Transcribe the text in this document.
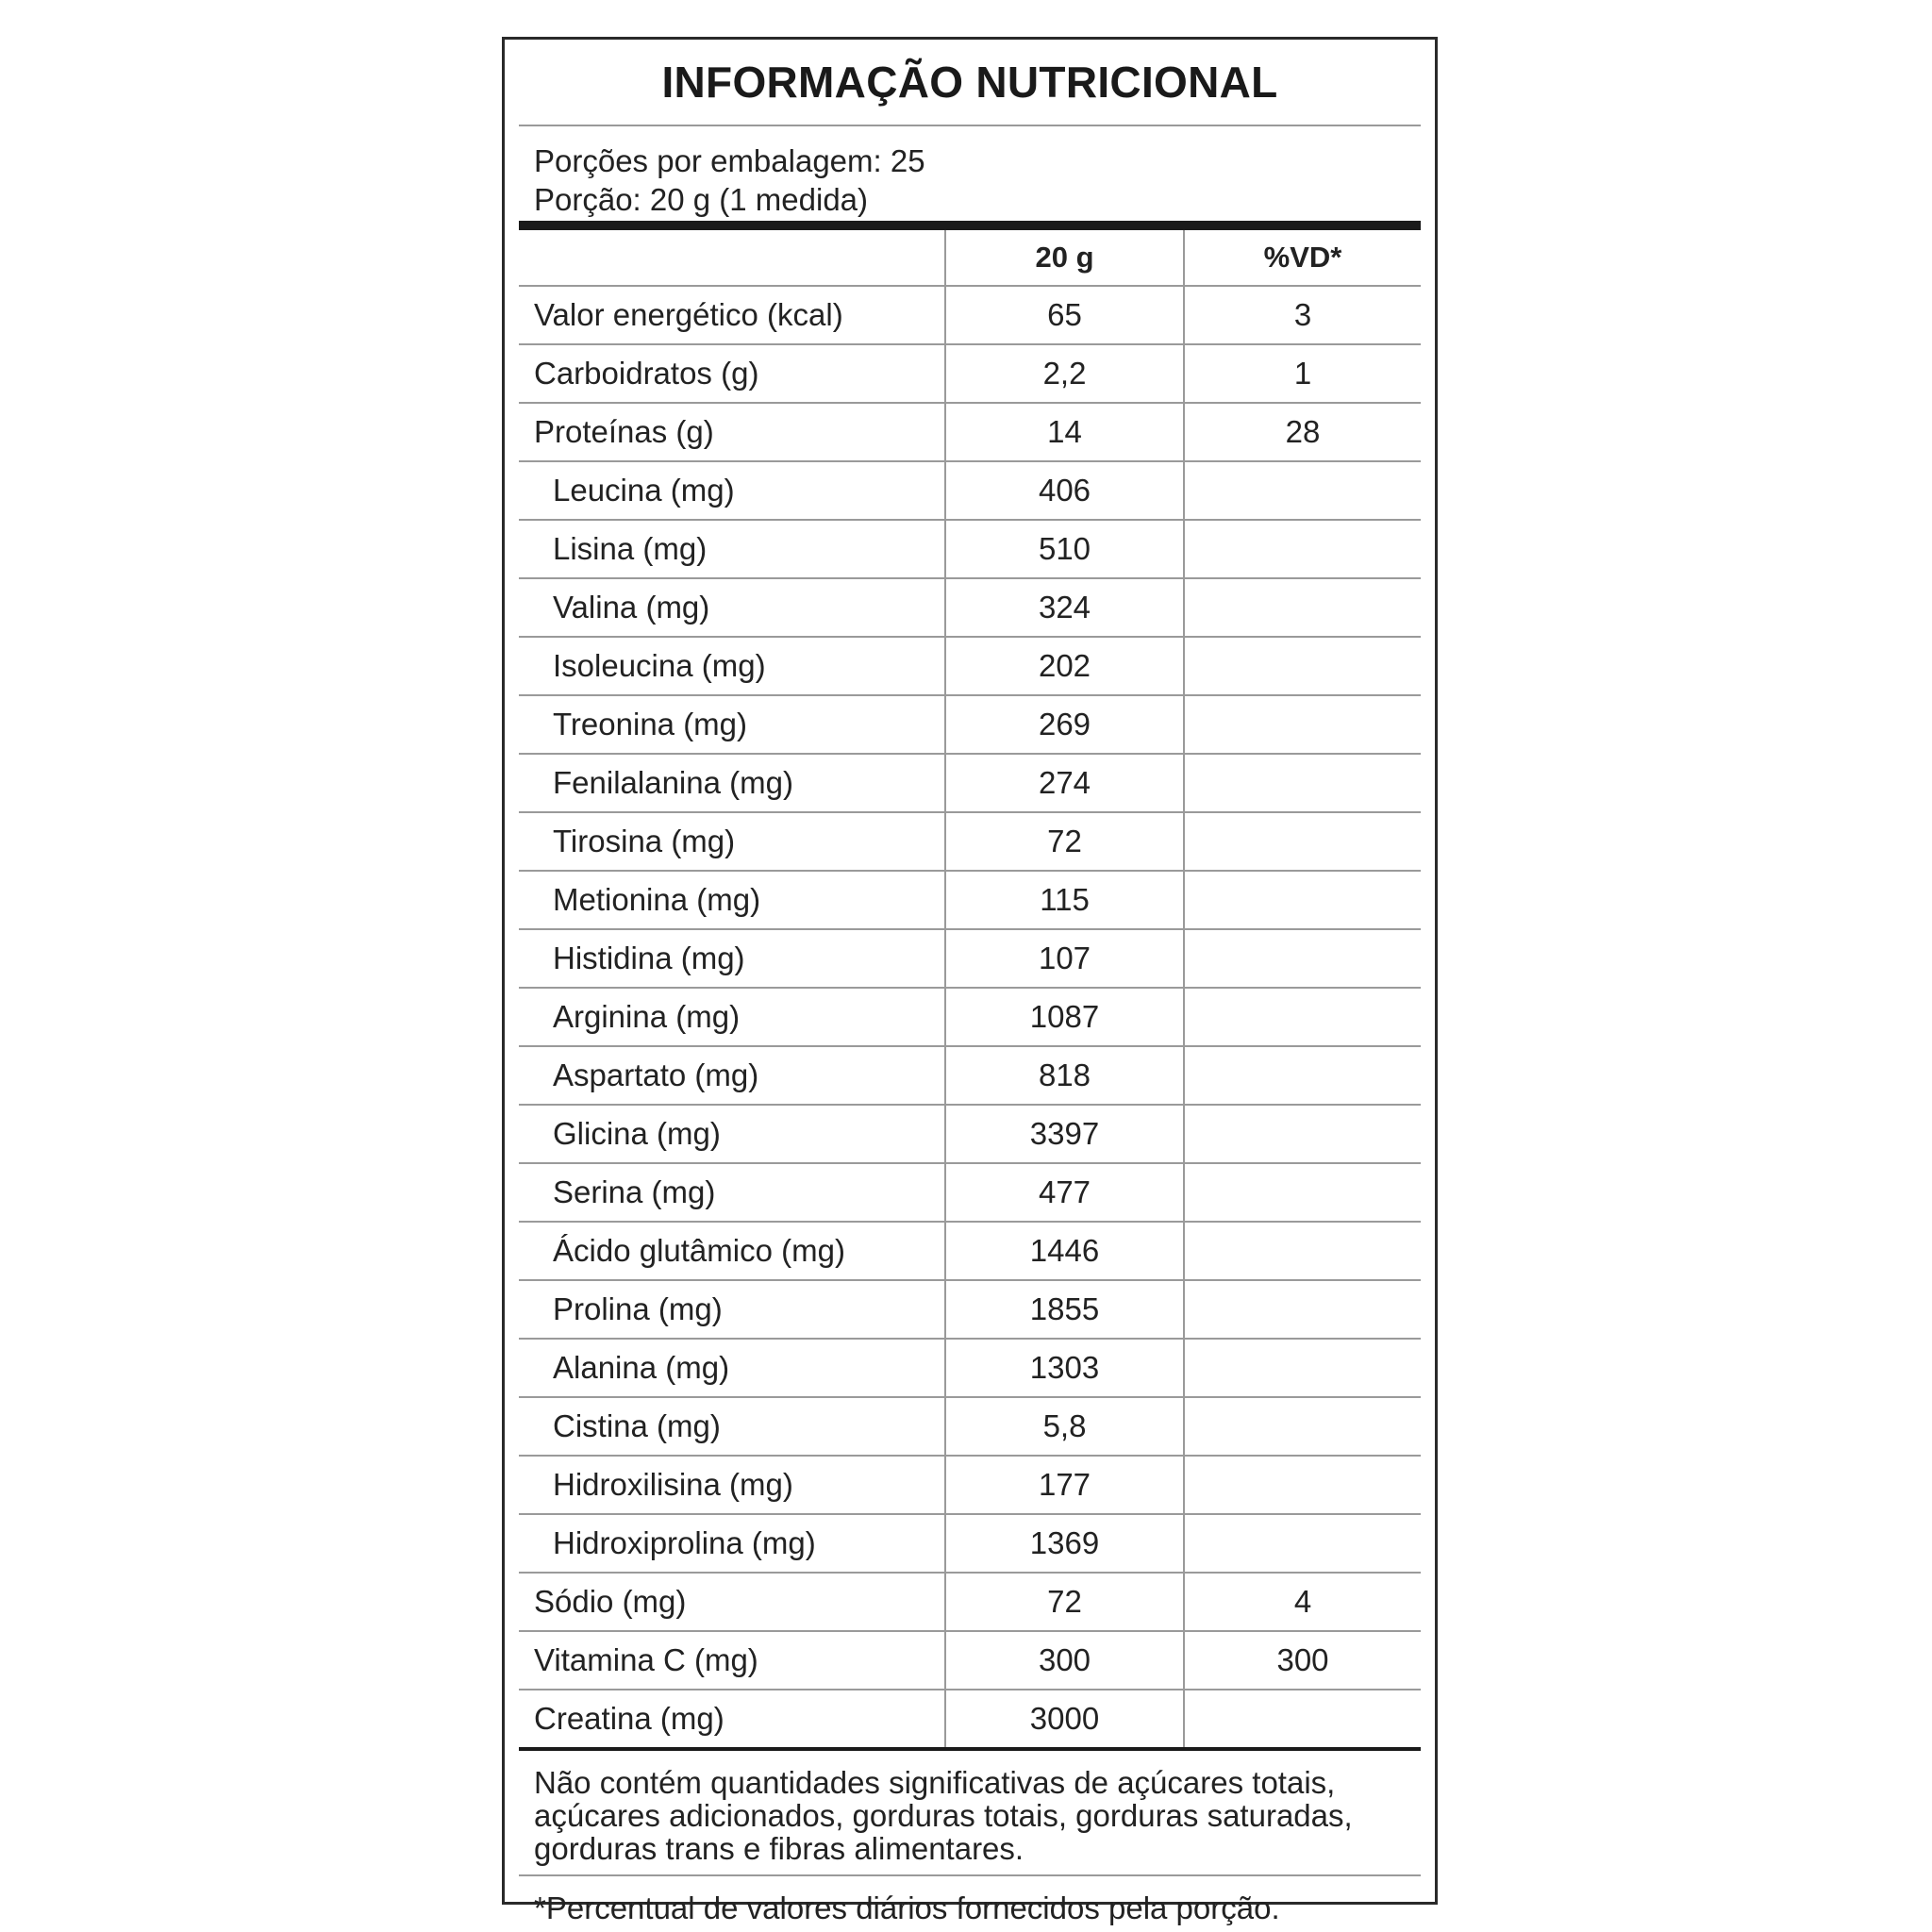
INFORMAÇÃO NUTRICIONAL
Porções por embalagem: 25
Porção: 20 g (1 medida)
	20 g	%VD*
Valor energético (kcal)	65	3
Carboidratos (g)	2,2	1
Proteínas (g)	14	28
Leucina (mg)	406	
Lisina (mg)	510	
Valina (mg)	324	
Isoleucina (mg)	202	
Treonina (mg)	269	
Fenilalanina (mg)	274	
Tirosina (mg)	72	
Metionina (mg)	115	
Histidina (mg)	107	
Arginina (mg)	1087	
Aspartato (mg)	818	
Glicina (mg)	3397	
Serina (mg)	477	
Ácido glutâmico (mg)	1446	
Prolina (mg)	1855	
Alanina (mg)	1303	
Cistina (mg)	5,8	
Hidroxilisina (mg)	177	
Hidroxiprolina (mg)	1369	
Sódio (mg)	72	4
Vitamina C (mg)	300	300
Creatina (mg)	3000	
Não contém quantidades significativas de açúcares totais,
açúcares adicionados, gorduras totais, gorduras saturadas,
gorduras trans e fibras alimentares.
*Percentual de valores diários fornecidos pela porção.
